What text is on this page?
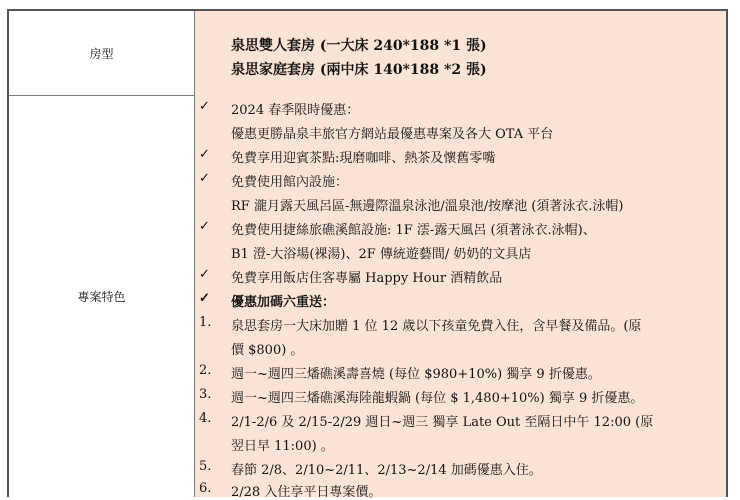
房型	泉思雙人套房 (一大床 240*188 *1 張)
泉思家庭套房 (兩中床 140*188 *2 張)
專案特色
✓	2024 春季限時優惠：
優惠更勝晶泉丰旅官方網站最優惠專案及各大 OTA 平台
✓	免費享用迎賓茶點:現磨咖啡、熱茶及懷舊零嘴
✓	免費使用館內設施：
RF 瀧月露天風呂區-無邊際溫泉泳池/溫泉池/按摩池 (須著泳衣.泳帽)
✓	免費使用捷絲旅礁溪館設施: 1F 澐-露天風呂 (須著泳衣.泳帽)、
B1 澄-大浴場(裸湯)、2F 傳統遊藝間/ 奶奶的文具店
✓	免費享用飯店住客專屬 Happy Hour 酒精飲品
✓	優惠加碼六重送：
1.	泉思套房一大床加贈 1 位 12 歲以下孩童免費入住，含早餐及備品。(原
價 $800) 。
2.	週一~週四三燔礁溪壽喜燒 (每位 $980+10%) 獨享 9 折優惠。
3.	週一~週四三燔礁溪海陸龍蝦鍋 (每位 $ 1,480+10%) 獨享 9 折優惠。
4.	2/1-2/6 及 2/15-2/29 週日~週三 獨享 Late Out 至隔日中午 12:00 (原
翌日早 11:00) 。
5.	春節 2/8、2/10~2/11、2/13~2/14 加碼優惠入住。
6.	2/28 入住享平日專案價。
